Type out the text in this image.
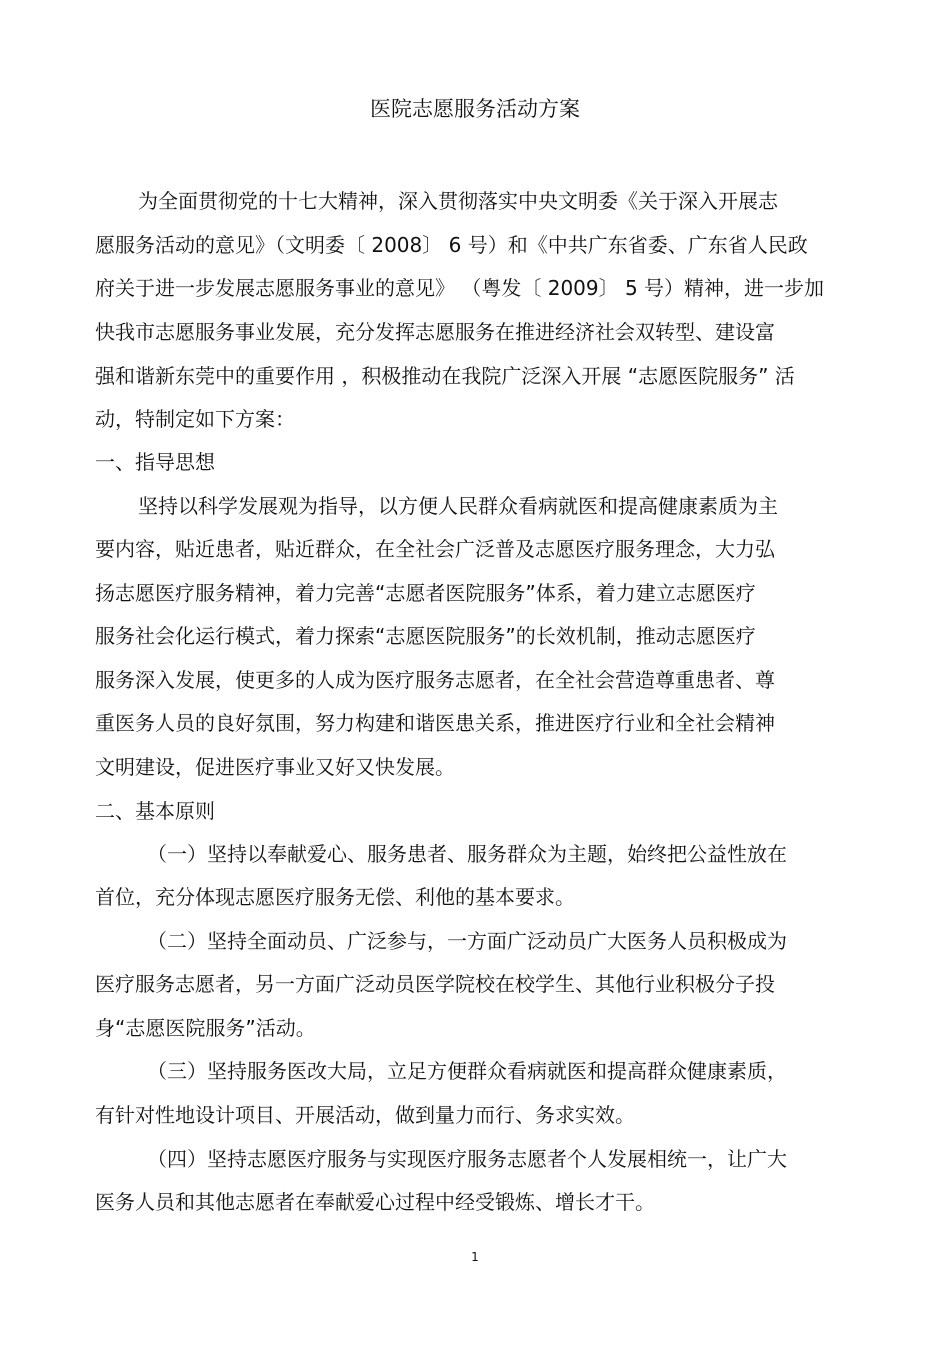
医院志愿服务活动方案
为全面贯彻党的十七大精神，深入贯彻落实中央文明委《关于深入开展志
愿服务活动的意见》（文明委〔 2008〕 6 号）和《中共广东省委、广东省人民政
府关于进一步发展志愿服务事业的意见》 （粤发〔 2009〕 5 号）精神，进一步加
快我市志愿服务事业发展，充分发挥志愿服务在推进经济社会双转型、建设富
强和谐新东莞中的重要作用 ，积极推动在我院广泛深入开展 “志愿医院服务” 活
动，特制定如下方案：
一、指导思想
坚持以科学发展观为指导，以方便人民群众看病就医和提高健康素质为主
要内容，贴近患者，贴近群众，在全社会广泛普及志愿医疗服务理念，大力弘
扬志愿医疗服务精神，着力完善“志愿者医院服务”体系，着力建立志愿医疗
服务社会化运行模式，着力探索“志愿医院服务”的长效机制，推动志愿医疗
服务深入发展，使更多的人成为医疗服务志愿者，在全社会营造尊重患者、尊
重医务人员的良好氛围，努力构建和谐医患关系，推进医疗行业和全社会精神
文明建设，促进医疗事业又好又快发展。
二、基本原则
（一）坚持以奉献爱心、服务患者、服务群众为主题，始终把公益性放在
首位，充分体现志愿医疗服务无偿、利他的基本要求。
（二）坚持全面动员、广泛参与，一方面广泛动员广大医务人员积极成为
医疗服务志愿者，另一方面广泛动员医学院校在校学生、其他行业积极分子投
身“志愿医院服务”活动。
（三）坚持服务医改大局，立足方便群众看病就医和提高群众健康素质，
有针对性地设计项目、开展活动，做到量力而行、务求实效。
（四）坚持志愿医疗服务与实现医疗服务志愿者个人发展相统一，让广大
医务人员和其他志愿者在奉献爱心过程中经受锻炼、增长才干。
1
